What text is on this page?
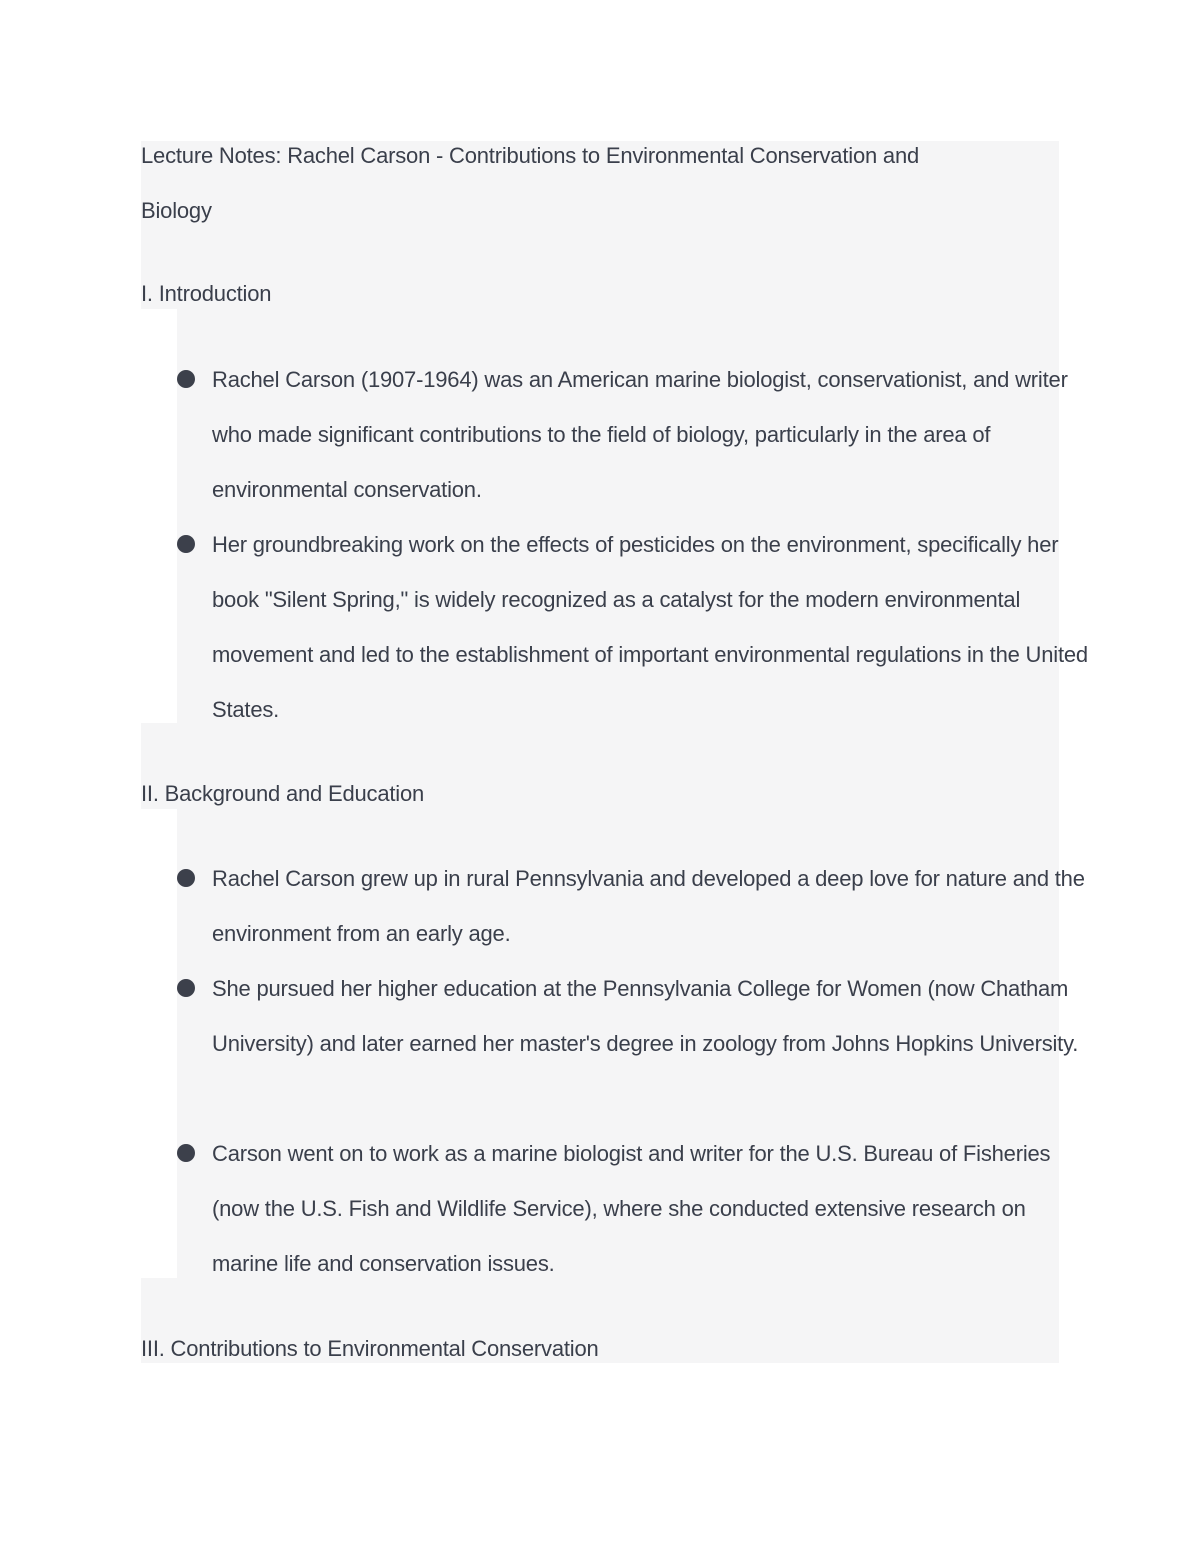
Lecture Notes: Rachel Carson - Contributions to Environmental Conservation and
Biology
I. Introduction
Rachel Carson (1907-1964) was an American marine biologist, conservationist, and writer who made significant contributions to the field of biology, particularly in the area of environmental conservation.
Her groundbreaking work on the effects of pesticides on the environment, specifically her book "Silent Spring," is widely recognized as a catalyst for the modern environmental movement and led to the establishment of important environmental regulations in the United States.
II. Background and Education
Rachel Carson grew up in rural Pennsylvania and developed a deep love for nature and the environment from an early age.
She pursued her higher education at the Pennsylvania College for Women (now Chatham University) and later earned her master's degree in zoology from Johns Hopkins University.
Carson went on to work as a marine biologist and writer for the U.S. Bureau of Fisheries (now the U.S. Fish and Wildlife Service), where she conducted extensive research on marine life and conservation issues.
III. Contributions to Environmental Conservation
